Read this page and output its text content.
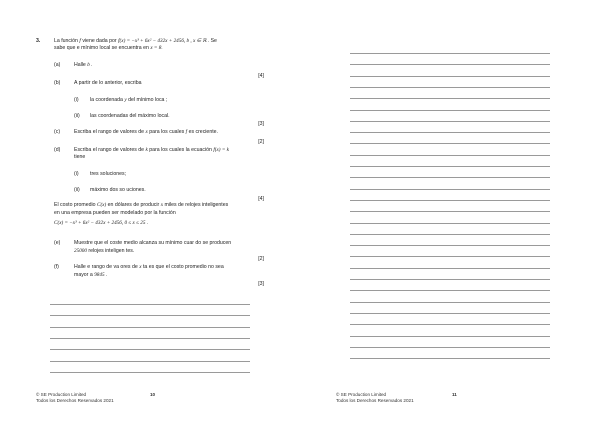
3.	La función f viene dada por f(x) = −x³ + 6x² − 432x + 2456, b , x ∈ ℝ . Se
sabe que e mínimo local se encuentra en x = 8.
(a)	Halle b .
[4]
(b)	A partir de lo anterior, escriba
(i) la coordenada y del mínimo loca ;
(ii) las coordenadas del máximo local.
[3]
(c)	Escriba el rango de valores de x para los cuales f es creciente.
[2]
(d)	Escriba el rango de valores de k para los cuales la ecuación f(x) = k
tiene
(i) tres soluciones;
(ii) máximo dos so uciones.
[4]
El costo promedio C(x) en dólares de producir x miles de relojes inteligentes
en una empresa pueden ser modelado por la función
C(x) = −x³ + 6x² − 432x + 2456, 0 ≤ x ≤ 25 .
(e)	Muestre que el coste medio alcanza su mínimo cuar do se producen
25000 relojes inteligen tes.
[2]
(f)	Halle e rango de va ores de x ta es que el costo promedio no sea
mayor a 9845 .
[3]
© SE Production Limited
Todos los Derechos Reservados 2021
10	© SE Production Limited
Todos los Derechos Reservados 2021
11
